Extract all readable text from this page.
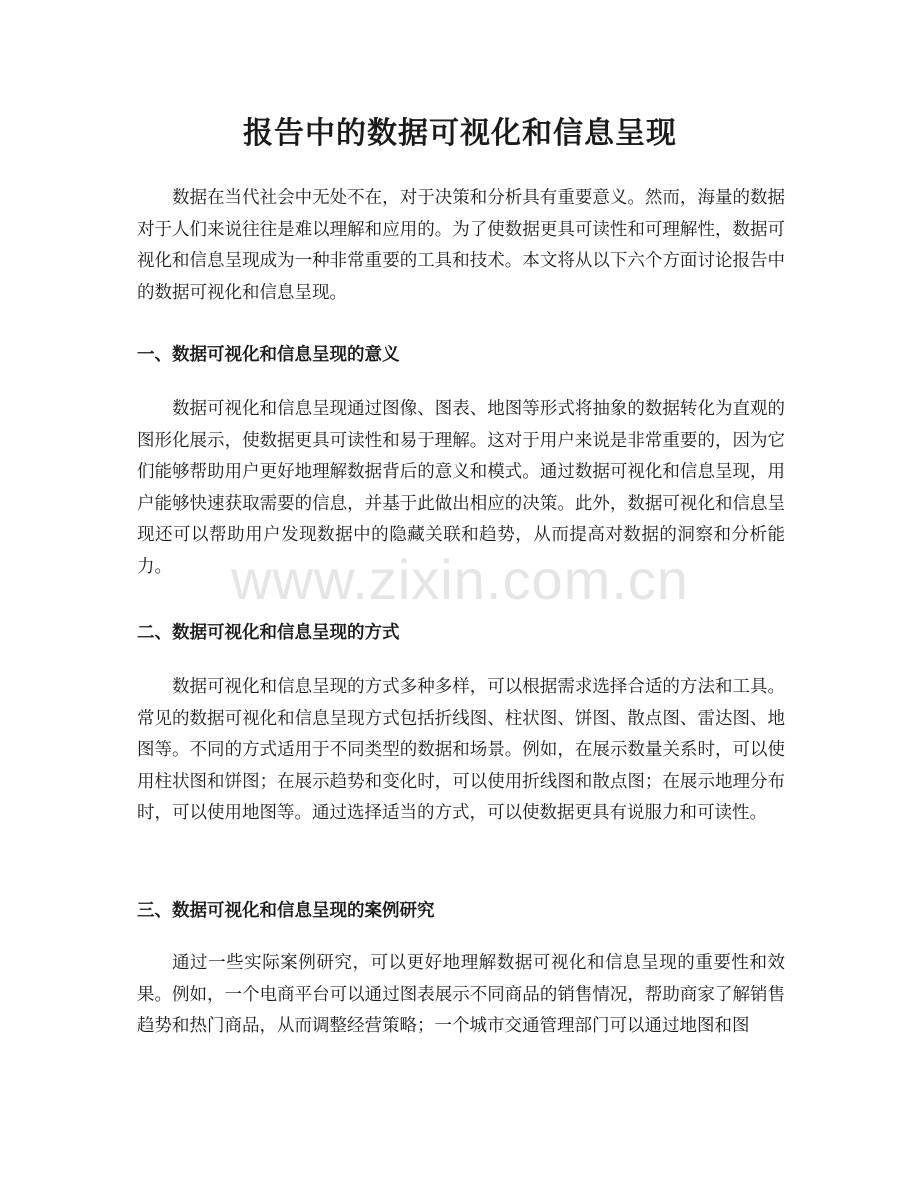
报告中的数据可视化和信息呈现

数据在当代社会中无处不在，对于决策和分析具有重要意义。然而，海量的数据对于人们来说往往是难以理解和应用的。为了使数据更具可读性和可理解性，数据可视化和信息呈现成为一种非常重要的工具和技术。本文将从以下六个方面讨论报告中的数据可视化和信息呈现。

一、数据可视化和信息呈现的意义

数据可视化和信息呈现通过图像、图表、地图等形式将抽象的数据转化为直观的图形化展示，使数据更具可读性和易于理解。这对于用户来说是非常重要的，因为它们能够帮助用户更好地理解数据背后的意义和模式。通过数据可视化和信息呈现，用户能够快速获取需要的信息，并基于此做出相应的决策。此外，数据可视化和信息呈现还可以帮助用户发现数据中的隐藏关联和趋势，从而提高对数据的洞察和分析能力。

二、数据可视化和信息呈现的方式

数据可视化和信息呈现的方式多种多样，可以根据需求选择合适的方法和工具。常见的数据可视化和信息呈现方式包括折线图、柱状图、饼图、散点图、雷达图、地图等。不同的方式适用于不同类型的数据和场景。例如，在展示数量关系时，可以使用柱状图和饼图；在展示趋势和变化时，可以使用折线图和散点图；在展示地理分布时，可以使用地图等。通过选择适当的方式，可以使数据更具有说服力和可读性。

三、数据可视化和信息呈现的案例研究

通过一些实际案例研究，可以更好地理解数据可视化和信息呈现的重要性和效果。例如，一个电商平台可以通过图表展示不同商品的销售情况，帮助商家了解销售趋势和热门商品，从而调整经营策略；一个城市交通管理部门可以通过地图和图

www.zixin.com.cn
